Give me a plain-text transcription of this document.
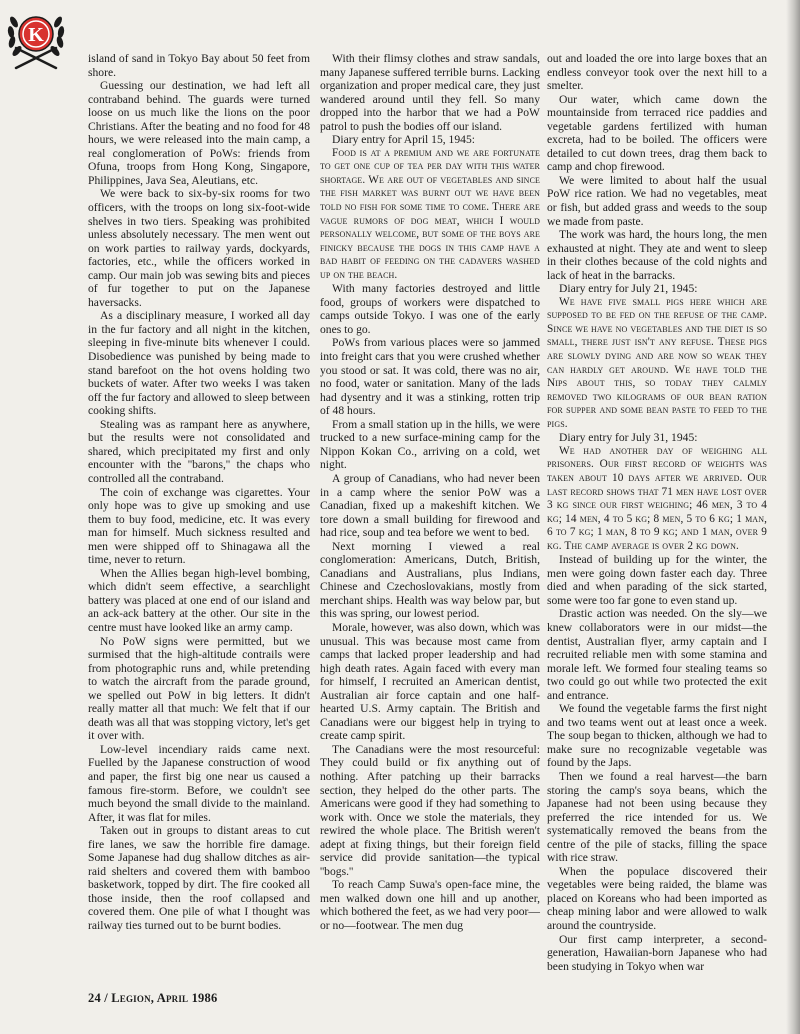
K

island of sand in Tokyo Bay about 50 feet from shore.

Guessing our destination, we had left all contraband behind. The guards were turned loose on us much like the lions on the poor Christians. After the beating and no food for 48 hours, we were released into the main camp, a real conglomeration of PoWs: friends from Ofuna, troops from Hong Kong, Singapore, Philippines, Java Sea, Aleutians, etc.

We were back to six-by-six rooms for two officers, with the troops on long six-foot-wide shelves in two tiers. Speaking was prohibited unless absolutely necessary. The men went out on work parties to railway yards, dockyards, factories, etc., while the officers worked in camp. Our main job was sewing bits and pieces of fur together to put on the Japanese haversacks.

As a disciplinary measure, I worked all day in the fur factory and all night in the kitchen, sleeping in five-minute bits whenever I could. Disobedience was punished by being made to stand barefoot on the hot ovens holding two buckets of water. After two weeks I was taken off the fur factory and allowed to sleep between cooking shifts.

Stealing was as rampant here as anywhere, but the results were not consolidated and shared, which precipitated my first and only encounter with the ''barons,'' the chaps who controlled all the contraband.

The coin of exchange was cigarettes. Your only hope was to give up smoking and use them to buy food, medicine, etc. It was every man for himself. Much sickness resulted and men were shipped off to Shinagawa all the time, never to return.

When the Allies began high-level bombing, which didn't seem effective, a searchlight battery was placed at one end of our island and an ack-ack battery at the other. Our site in the centre must have looked like an army camp.

No PoW signs were permitted, but we surmised that the high-altitude contrails were from photographic runs and, while pretending to watch the aircraft from the parade ground, we spelled out PoW in big letters. It didn't really matter all that much: We felt that if our death was all that was stopping victory, let's get it over with.

Low-level incendiary raids came next. Fuelled by the Japanese construction of wood and paper, the first big one near us caused a famous fire-storm. Before, we couldn't see much beyond the small divide to the mainland. After, it was flat for miles.

Taken out in groups to distant areas to cut fire lanes, we saw the horrible fire damage. Some Japanese had dug shallow ditches as air-raid shelters and covered them with bamboo basketwork, topped by dirt. The fire cooked all those inside, then the roof collapsed and covered them. One pile of what I thought was railway ties turned out to be burnt bodies.

With their flimsy clothes and straw sandals, many Japanese suffered terrible burns. Lacking organization and proper medical care, they just wandered around until they fell. So many dropped into the harbor that we had a PoW patrol to push the bodies off our island.

Diary entry for April 15, 1945:

Food is at a premium and we are fortunate to get one cup of tea per day with this water shortage. We are out of vegetables and since the fish market was burnt out we have been told no fish for some time to come. There are vague rumors of dog meat, which I would personally welcome, but some of the boys are finicky because the dogs in this camp have a bad habit of feeding on the cadavers washed up on the beach.

With many factories destroyed and little food, groups of workers were dispatched to camps outside Tokyo. I was one of the early ones to go.

PoWs from various places were so jammed into freight cars that you were crushed whether you stood or sat. It was cold, there was no air, no food, water or sanitation. Many of the lads had dysentry and it was a stinking, rotten trip of 48 hours.

From a small station up in the hills, we were trucked to a new surface-mining camp for the Nippon Kokan Co., arriving on a cold, wet night.

A group of Canadians, who had never been in a camp where the senior PoW was a Canadian, fixed up a makeshift kitchen. We tore down a small building for firewood and had rice, soup and tea before we went to bed.

Next morning I viewed a real conglomeration: Americans, Dutch, British, Canadians and Australians, plus Indians, Chinese and Czechoslovakians, mostly from merchant ships. Health was way below par, but this was spring, our lowest period.

Morale, however, was also down, which was unusual. This was because most came from camps that lacked proper leadership and had high death rates. Again faced with every man for himself, I recruited an American dentist, Australian air force captain and one half-hearted U.S. Army captain. The British and Canadians were our biggest help in trying to create camp spirit.

The Canadians were the most resourceful: They could build or fix anything out of nothing. After patching up their barracks section, they helped do the other parts. The Americans were good if they had something to work with. Once we stole the materials, they rewired the whole place. The British weren't adept at fixing things, but their foreign field service did provide sanitation—the typical ''bogs.''

To reach Camp Suwa's open-face mine, the men walked down one hill and up another, which bothered the feet, as we had very poor—or no—footwear. The men dug

out and loaded the ore into large boxes that an endless conveyor took over the next hill to a smelter.

Our water, which came down the mountainside from terraced rice paddies and vegetable gardens fertilized with human excreta, had to be boiled. The officers were detailed to cut down trees, drag them back to camp and chop firewood.

We were limited to about half the usual PoW rice ration. We had no vegetables, meat or fish, but added grass and weeds to the soup we made from paste.

The work was hard, the hours long, the men exhausted at night. They ate and went to sleep in their clothes because of the cold nights and lack of heat in the barracks.

Diary entry for July 21, 1945:

We have five small pigs here which are supposed to be fed on the refuse of the camp. Since we have no vegetables and the diet is so small, there just isn't any refuse. These pigs are slowly dying and are now so weak they can hardly get around. We have told the Nips about this, so today they calmly removed two kilograms of our bean ration for supper and some bean paste to feed to the pigs.

Diary entry for July 31, 1945:

We had another day of weighing all prisoners. Our first record of weights was taken about 10 days after we arrived. Our last record shows that 71 men have lost over 3 kg since our first weighing; 46 men, 3 to 4 kg; 14 men, 4 to 5 kg; 8 men, 5 to 6 kg; 1 man, 6 to 7 kg; 1 man, 8 to 9 kg; and 1 man, over 9 kg. The camp average is over 2 kg down.

Instead of building up for the winter, the men were going down faster each day. Three died and when parading of the sick started, some were too far gone to even stand up.

Drastic action was needed. On the sly—we knew collaborators were in our midst—the dentist, Australian flyer, army captain and I recruited reliable men with some stamina and morale left. We formed four stealing teams so two could go out while two protected the exit and entrance.

We found the vegetable farms the first night and two teams went out at least once a week. The soup began to thicken, although we had to make sure no recognizable vegetable was found by the Japs.

Then we found a real harvest—the barn storing the camp's soya beans, which the Japanese had not been using because they preferred the rice intended for us. We systematically removed the beans from the centre of the pile of stacks, filling the space with rice straw.

When the populace discovered their vegetables were being raided, the blame was placed on Koreans who had been imported as cheap mining labor and were allowed to walk around the countryside.

Our first camp interpreter, a second-generation, Hawaiian-born Japanese who had been studying in Tokyo when war

24 / Legion, April 1986
